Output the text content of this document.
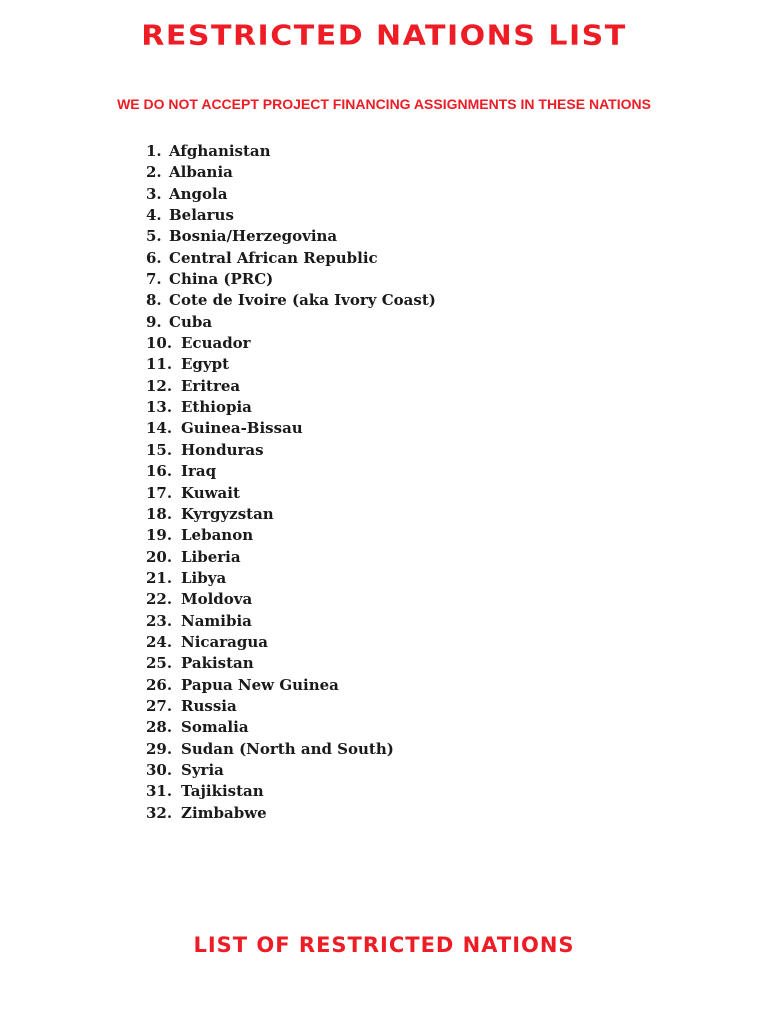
RESTRICTED NATIONS LIST
WE DO NOT ACCEPT PROJECT FINANCING ASSIGNMENTS IN THESE NATIONS
1. Afghanistan
2. Albania
3. Angola
4. Belarus
5. Bosnia/Herzegovina
6. Central African Republic
7. China (PRC)
8. Cote de Ivoire (aka Ivory Coast)
9. Cuba
10. Ecuador
11. Egypt
12. Eritrea
13. Ethiopia
14. Guinea-Bissau
15. Honduras
16. Iraq
17. Kuwait
18. Kyrgyzstan
19. Lebanon
20. Liberia
21. Libya
22. Moldova
23. Namibia
24. Nicaragua
25. Pakistan
26. Papua New Guinea
27. Russia
28. Somalia
29. Sudan (North and South)
30. Syria
31. Tajikistan
32. Zimbabwe
LIST OF RESTRICTED NATIONS
